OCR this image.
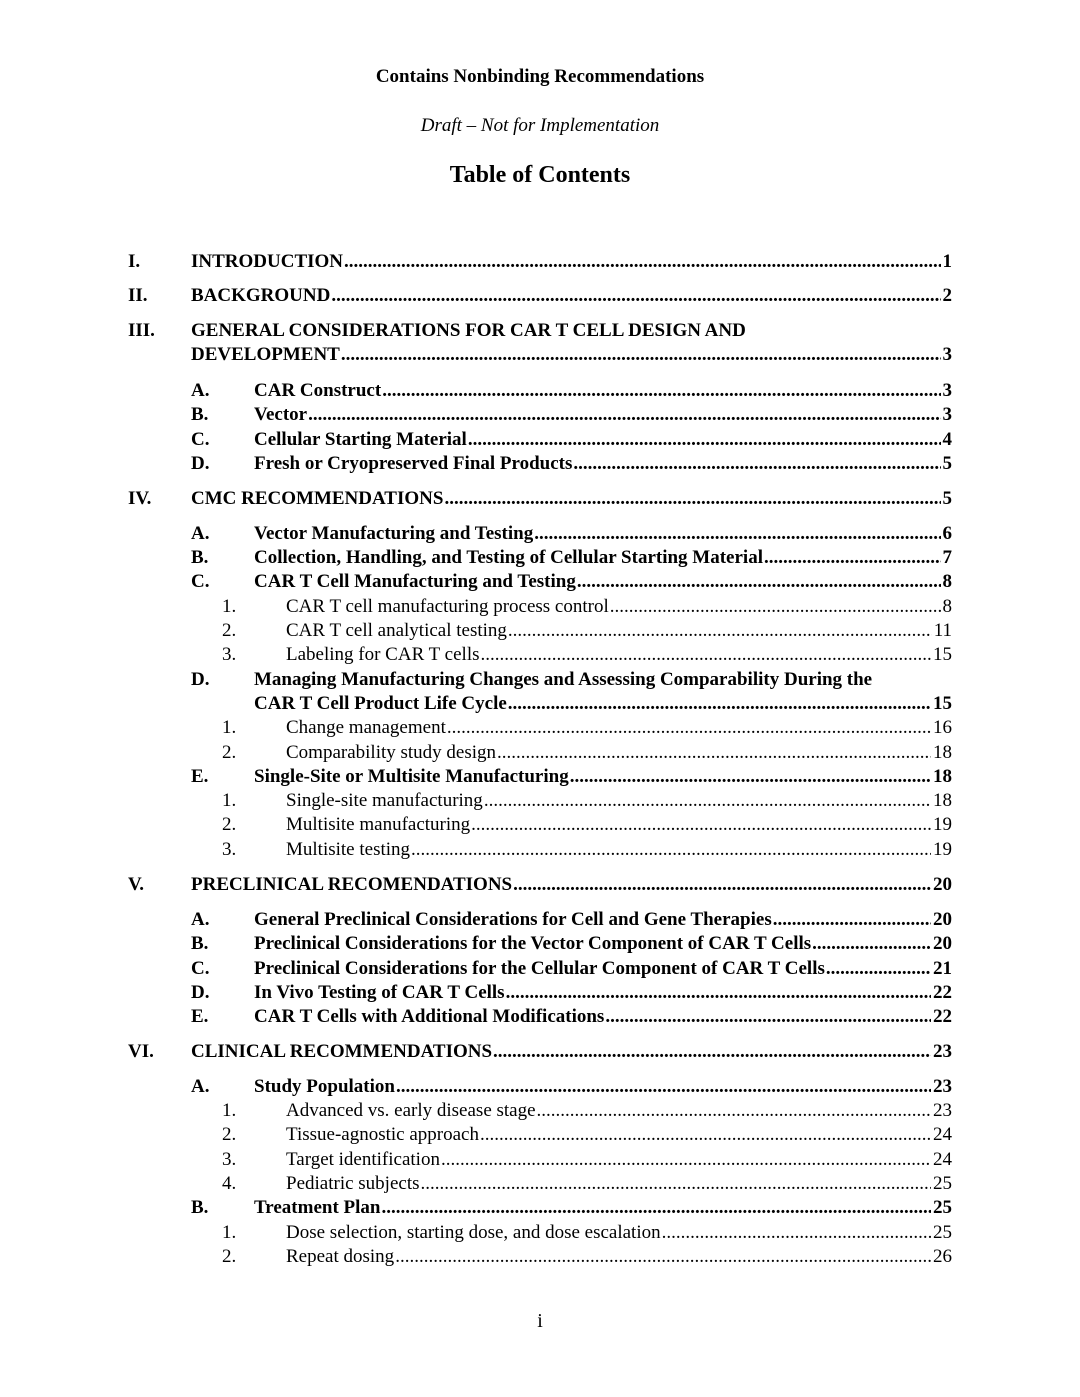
Contains Nonbinding Recommendations
Draft – Not for Implementation
Table of Contents
I.	INTRODUCTION .....	1
II. BACKGROUND .....	2
III. GENERAL CONSIDERATIONS FOR CAR T CELL DESIGN AND
DEVELOPMENT .....	3
A. CAR Construct .....	3
B. Vector .....	3
C. Cellular Starting Material .....	4
D. Fresh or Cryopreserved Final Products .....	5
IV. CMC RECOMMENDATIONS .....	5
A. Vector Manufacturing and Testing .....	6
B. Collection, Handling, and Testing of Cellular Starting Material .....	7
C. CAR T Cell Manufacturing and Testing .....	8
1.	CAR T cell manufacturing process control .....	8
2.	CAR T cell analytical testing .....	11
3.	Labeling for CAR T cells .....	15
D. Managing Manufacturing Changes and Assessing Comparability During the
CAR T Cell Product Life Cycle .....	15
1.	Change management .....	16
2.	Comparability study design .....	18
E. Single-Site or Multisite Manufacturing .....	18
1.	Single-site manufacturing .....	18
2.	Multisite manufacturing .....	19
3.	Multisite testing .....	19
V. PRECLINICAL RECOMENDATIONS .....	20
A. General Preclinical Considerations for Cell and Gene Therapies .....	20
B. Preclinical Considerations for the Vector Component of CAR T Cells .....	20
C. Preclinical Considerations for the Cellular Component of CAR T Cells .....	21
D. In Vivo Testing of CAR T Cells .....	22
E. CAR T Cells with Additional Modifications .....	22
VI. CLINICAL RECOMMENDATIONS .....	23
A. Study Population .....	23
1.	Advanced vs. early disease stage .....	23
2.	Tissue-agnostic approach .....	24
3.	Target identification .....	24
4.	Pediatric subjects .....	25
B. Treatment Plan .....	25
1.	Dose selection, starting dose, and dose escalation .....	25
2.	Repeat dosing .....	26
i
